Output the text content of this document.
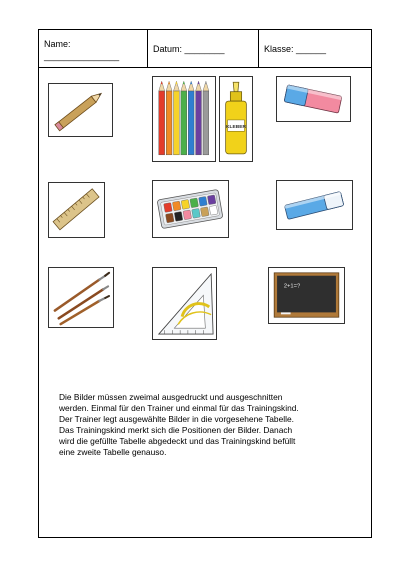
Name:
_______________
Datum: ________	Klasse: ______
KLEBER
2+1=?
Die Bilder müssen zweimal ausgedruckt und ausgeschnitten
werden. Einmal für den Trainer und einmal für das Trainingskind.
Der Trainer legt ausgewählte Bilder in die vorgesehene Tabelle.
Das Trainingskind merkt sich die Positionen der Bilder. Danach
wird die gefüllte Tabelle abgedeckt und das Trainingskind befüllt
eine zweite Tabelle genauso.
